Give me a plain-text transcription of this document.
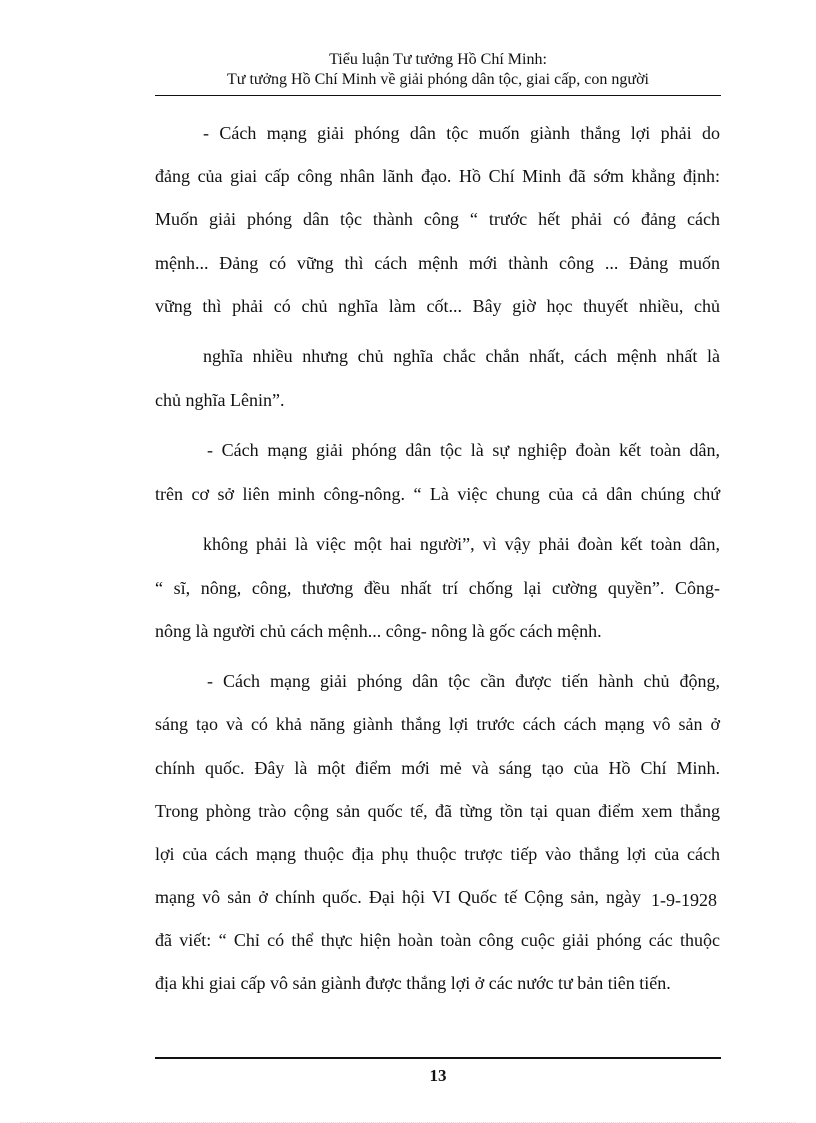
Tiểu luận Tư tưởng Hồ Chí Minh:
Tư tưởng Hồ Chí Minh về giải phóng dân tộc, giai cấp, con người
- Cách mạng giải phóng dân tộc muốn giành thắng lợi phải do
đảng của giai cấp công nhân lãnh đạo. Hồ Chí Minh đã sớm khẳng định:
Muốn giải phóng dân tộc thành công “ trước hết phải có đảng cách
mệnh... Đảng có vững thì cách mệnh mới thành công ... Đảng muốn
vững thì phải có chủ nghĩa làm cốt... Bây giờ học thuyết nhiều, chủ
nghĩa nhiều nhưng chủ nghĩa chắc chắn nhất, cách mệnh nhất là
chủ nghĩa Lênin”.
- Cách mạng giải phóng dân tộc là sự nghiệp đoàn kết toàn dân,
trên cơ sở liên minh công-nông. “ Là việc chung của cả dân chúng chứ
không phải là việc một hai người”, vì vậy phải đoàn kết toàn dân,
“ sĩ, nông, công, thương đều nhất trí chống lại cường quyền”. Công-
nông là người chủ cách mệnh... công- nông là gốc cách mệnh.
- Cách mạng giải phóng dân tộc cần được tiến hành chủ động,
sáng tạo và có khả năng giành thắng lợi trước cách cách mạng vô sản ở
chính quốc. Đây là một điểm mới mẻ và sáng tạo của Hồ Chí Minh.
Trong phòng trào cộng sản quốc tế, đã từng tồn tại quan điểm xem thắng
lợi của cách mạng thuộc địa phụ thuộc trược tiếp vào thắng lợi của cách
mạng vô sản ở chính quốc. Đại hội VI Quốc tế Cộng sản, ngày 1-9-1928
đã viết: “ Chỉ có thể thực hiện hoàn toàn công cuộc giải phóng các thuộc
địa khi giai cấp vô sản giành được thắng lợi ở các nước tư bản tiên tiến.
13
